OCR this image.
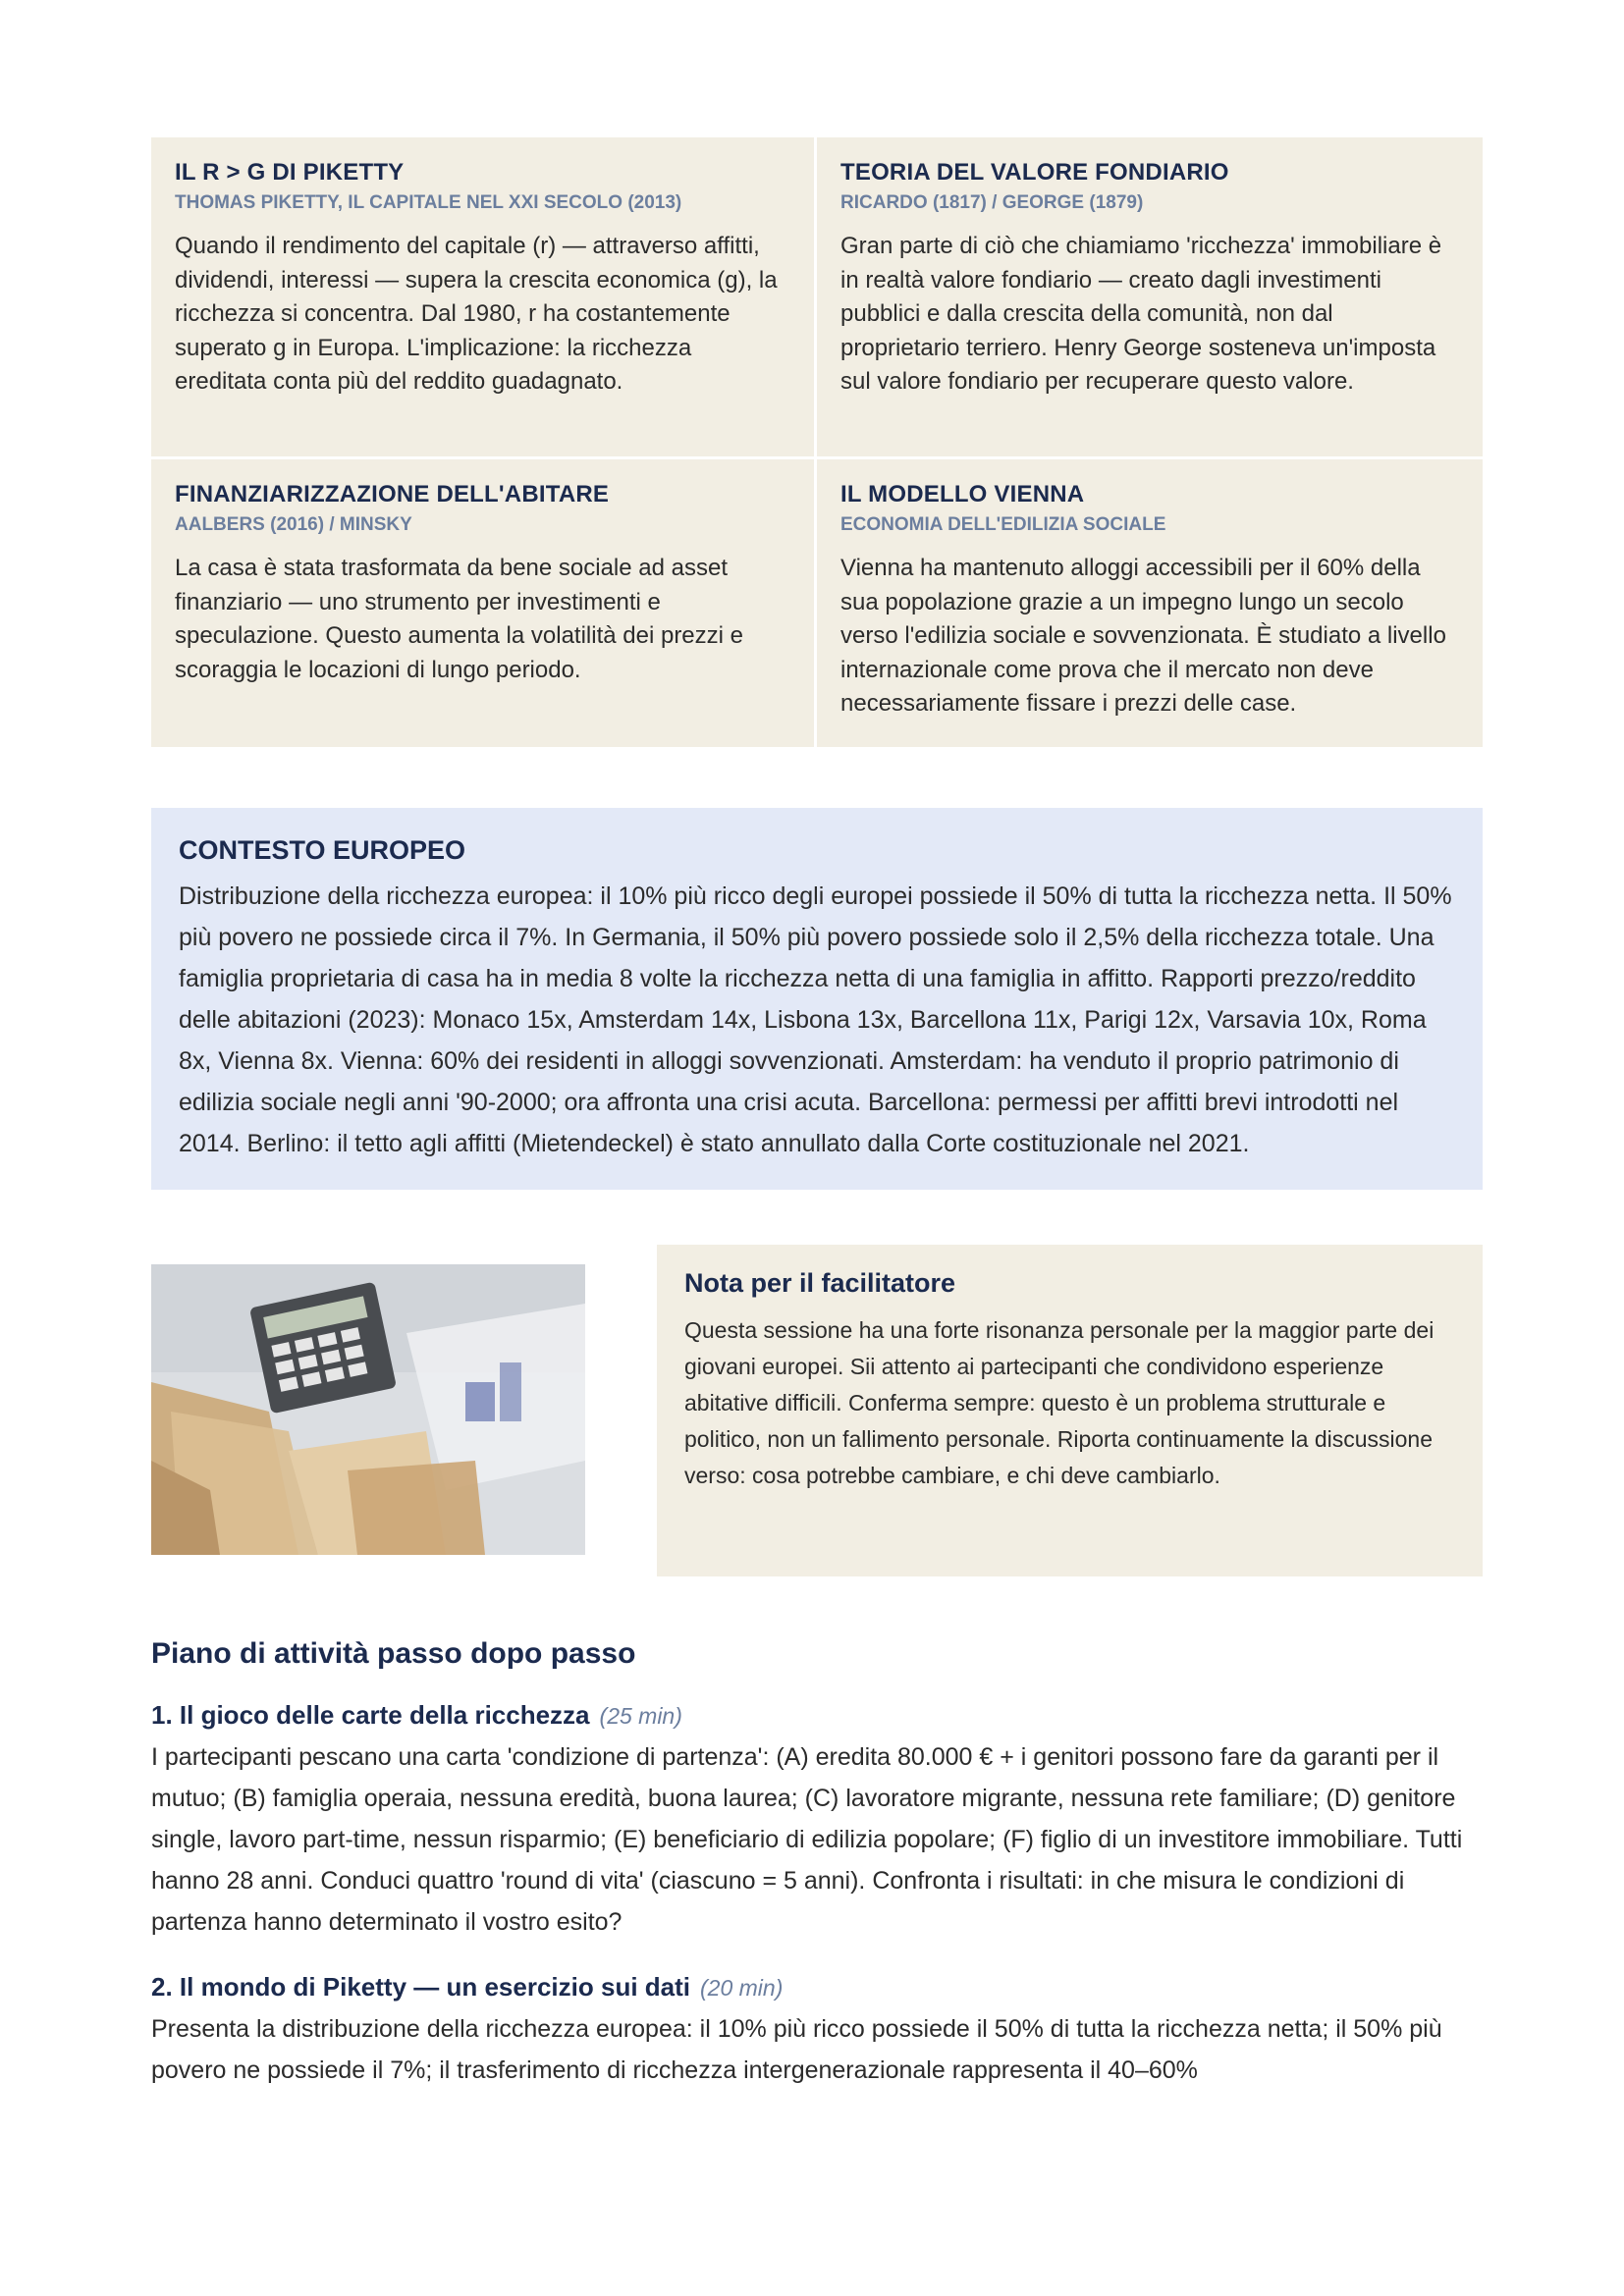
IL R > G DI PIKETTY

THOMAS PIKETTY, IL CAPITALE NEL XXI SECOLO (2013)

Quando il rendimento del capitale (r) — attraverso affitti, dividendi, interessi — supera la crescita economica (g), la ricchezza si concentra. Dal 1980, r ha costantemente superato g in Europa. L'implicazione: la ricchezza ereditata conta più del reddito guadagnato.

TEORIA DEL VALORE FONDIARIO

RICARDO (1817) / GEORGE (1879)

Gran parte di ciò che chiamiamo 'ricchezza' immobiliare è in realtà valore fondiario — creato dagli investimenti pubblici e dalla crescita della comunità, non dal proprietario terriero. Henry George sosteneva un'imposta sul valore fondiario per recuperare questo valore.

FINANZIARIZZAZIONE DELL'ABITARE

AALBERS (2016) / MINSKY

La casa è stata trasformata da bene sociale ad asset finanziario — uno strumento per investimenti e speculazione. Questo aumenta la volatilità dei prezzi e scoraggia le locazioni di lungo periodo.

IL MODELLO VIENNA

ECONOMIA DELL'EDILIZIA SOCIALE

Vienna ha mantenuto alloggi accessibili per il 60% della sua popolazione grazie a un impegno lungo un secolo verso l'edilizia sociale e sovvenzionata. È studiato a livello internazionale come prova che il mercato non deve necessariamente fissare i prezzi delle case.

CONTESTO EUROPEO

Distribuzione della ricchezza europea: il 10% più ricco degli europei possiede il 50% di tutta la ricchezza netta. Il 50% più povero ne possiede circa il 7%. In Germania, il 50% più povero possiede solo il 2,5% della ricchezza totale. Una famiglia proprietaria di casa ha in media 8 volte la ricchezza netta di una famiglia in affitto. Rapporti prezzo/reddito delle abitazioni (2023): Monaco 15x, Amsterdam 14x, Lisbona 13x, Barcellona 11x, Parigi 12x, Varsavia 10x, Roma 8x, Vienna 8x. Vienna: 60% dei residenti in alloggi sovvenzionati. Amsterdam: ha venduto il proprio patrimonio di edilizia sociale negli anni '90-2000; ora affronta una crisi acuta. Barcellona: permessi per affitti brevi introdotti nel 2014. Berlino: il tetto agli affitti (Mietendeckel) è stato annullato dalla Corte costituzionale nel 2021.

Nota per il facilitatore

Questa sessione ha una forte risonanza personale per la maggior parte dei giovani europei. Sii attento ai partecipanti che condividono esperienze abitative difficili. Conferma sempre: questo è un problema strutturale e politico, non un fallimento personale. Riporta continuamente la discussione verso: cosa potrebbe cambiare, e chi deve cambiarlo.

Piano di attività passo dopo passo
1. Il gioco delle carte della ricchezza (25 min)

I partecipanti pescano una carta 'condizione di partenza': (A) eredita 80.000 € + i genitori possono fare da garanti per il mutuo; (B) famiglia operaia, nessuna eredità, buona laurea; (C) lavoratore migrante, nessuna rete familiare; (D) genitore single, lavoro part-time, nessun risparmio; (E) beneficiario di edilizia popolare; (F) figlio di un investitore immobiliare. Tutti hanno 28 anni. Conduci quattro 'round di vita' (ciascuno = 5 anni). Confronta i risultati: in che misura le condizioni di partenza hanno determinato il vostro esito?

2. Il mondo di Piketty — un esercizio sui dati (20 min)

Presenta la distribuzione della ricchezza europea: il 10% più ricco possiede il 50% di tutta la ricchezza netta; il 50% più povero ne possiede il 7%; il trasferimento di ricchezza intergenerazionale rappresenta il 40–60%
